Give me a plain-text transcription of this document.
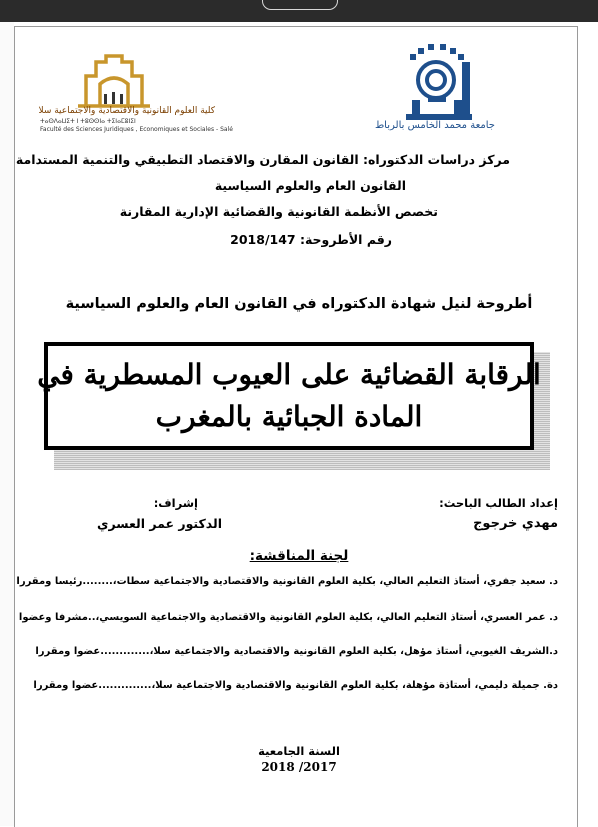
جامعة محمد الخامس بالرباط
كلية العلوم القانونية والاقتصادية والاجتماعية سلا
ⵜⴰⵙⴷⴰⵡⵉⵜ ⵏ ⵜⵓⵙⵙⵏⴰ ⵜⵉⵏⴰⵎⵓⵏⵉⵏ
Faculté des Sciences Juridiques , Economiques et Sociales - Salé
مركز دراسات الدكتوراه: القانون المقارن والاقتصاد التطبيقي والتنمية المستدامة
القانون العام والعلوم السياسية
تخصص الأنظمة القانونية والقضائية الإدارية المقارنة
رقم الأطروحة: 2018/147
أطروحة لنيل شهادة الدكتوراه في القانون العام والعلوم السياسية
الرقابة القضائية على العيوب المسطرية في
المادة الجبائية بالمغرب
إعداد الطالب الباحث:
مهدي خرجوج
إشراف:
الدكتور عمر العسري
لجنة المناقشة:
د. سعيد جفري، أستاذ التعليم العالي، بكلية العلوم القانونية والاقتصادية والاجتماعية سطات،........رئيسا ومقررا
د. عمر العسري، أستاذ التعليم العالي، بكلية العلوم القانونية والاقتصادية والاجتماعية السويسي،..مشرفا وعضوا
د.الشريف الغيوبي، أستاذ مؤهل، بكلية العلوم القانونية والاقتصادية والاجتماعية سلا،.............عضوا ومقررا
دة. جميلة دليمي، أستاذة مؤهلة، بكلية العلوم القانونية والاقتصادية والاجتماعية سلا،..............عضوا ومقررا
السنة الجامعية
2018 /2017
